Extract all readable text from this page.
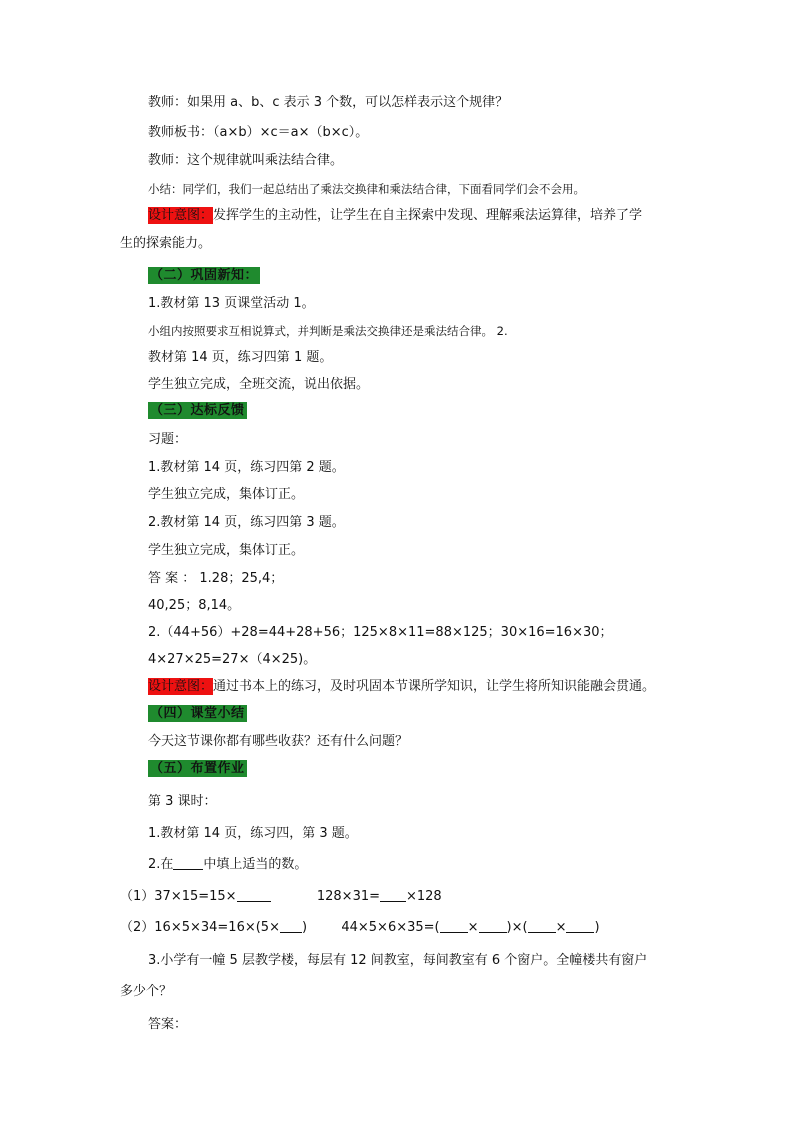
教师：如果用 a、b、c 表示 3 个数，可以怎样表示这个规律？
教师板书：（a×b）×c＝a×（b×c）。
教师：这个规律就叫乘法结合律。
小结：同学们，我们一起总结出了乘法交换律和乘法结合律，下面看同学们会不会用。
设计意图：发挥学生的主动性，让学生在自主探索中发现、理解乘法运算律，培养了学
生的探索能力。
（二）巩固新知：
1.教材第 13 页课堂活动 1。
小组内按照要求互相说算式，并判断是乘法交换律还是乘法结合律。 2.
教材第 14 页，练习四第 1 题。
学生独立完成，全班交流，说出依据。
（三）达标反馈
习题：
1.教材第 14 页，练习四第 2 题。
学生独立完成，集体订正。
2.教材第 14 页，练习四第 3 题。
学生独立完成，集体订正。
答 案 ： 1.28；25,4；
40,25；8,14。
2.（44+56）+28=44+28+56；125×8×11=88×125；30×16=16×30；
4×27×25=27×（4×25)。
设计意图：通过书本上的练习，及时巩固本节课所学知识，让学生将所知识能融会贯通。
（四）课堂小结
今天这节课你都有哪些收获？还有什么问题？
（五）布置作业
第 3 课时：
1.教材第 14 页，练习四，第 3 题。
2.在 中填上适当的数。
（1）37×15=15×	128×31= ×128
（2）16×5×34=16×(5× )	44×5×6×35=( × )×( × )
3.小学有一幢 5 层教学楼，每层有 12 间教室，每间教室有 6 个窗户。全幢楼共有窗户
多少个？
答案：
